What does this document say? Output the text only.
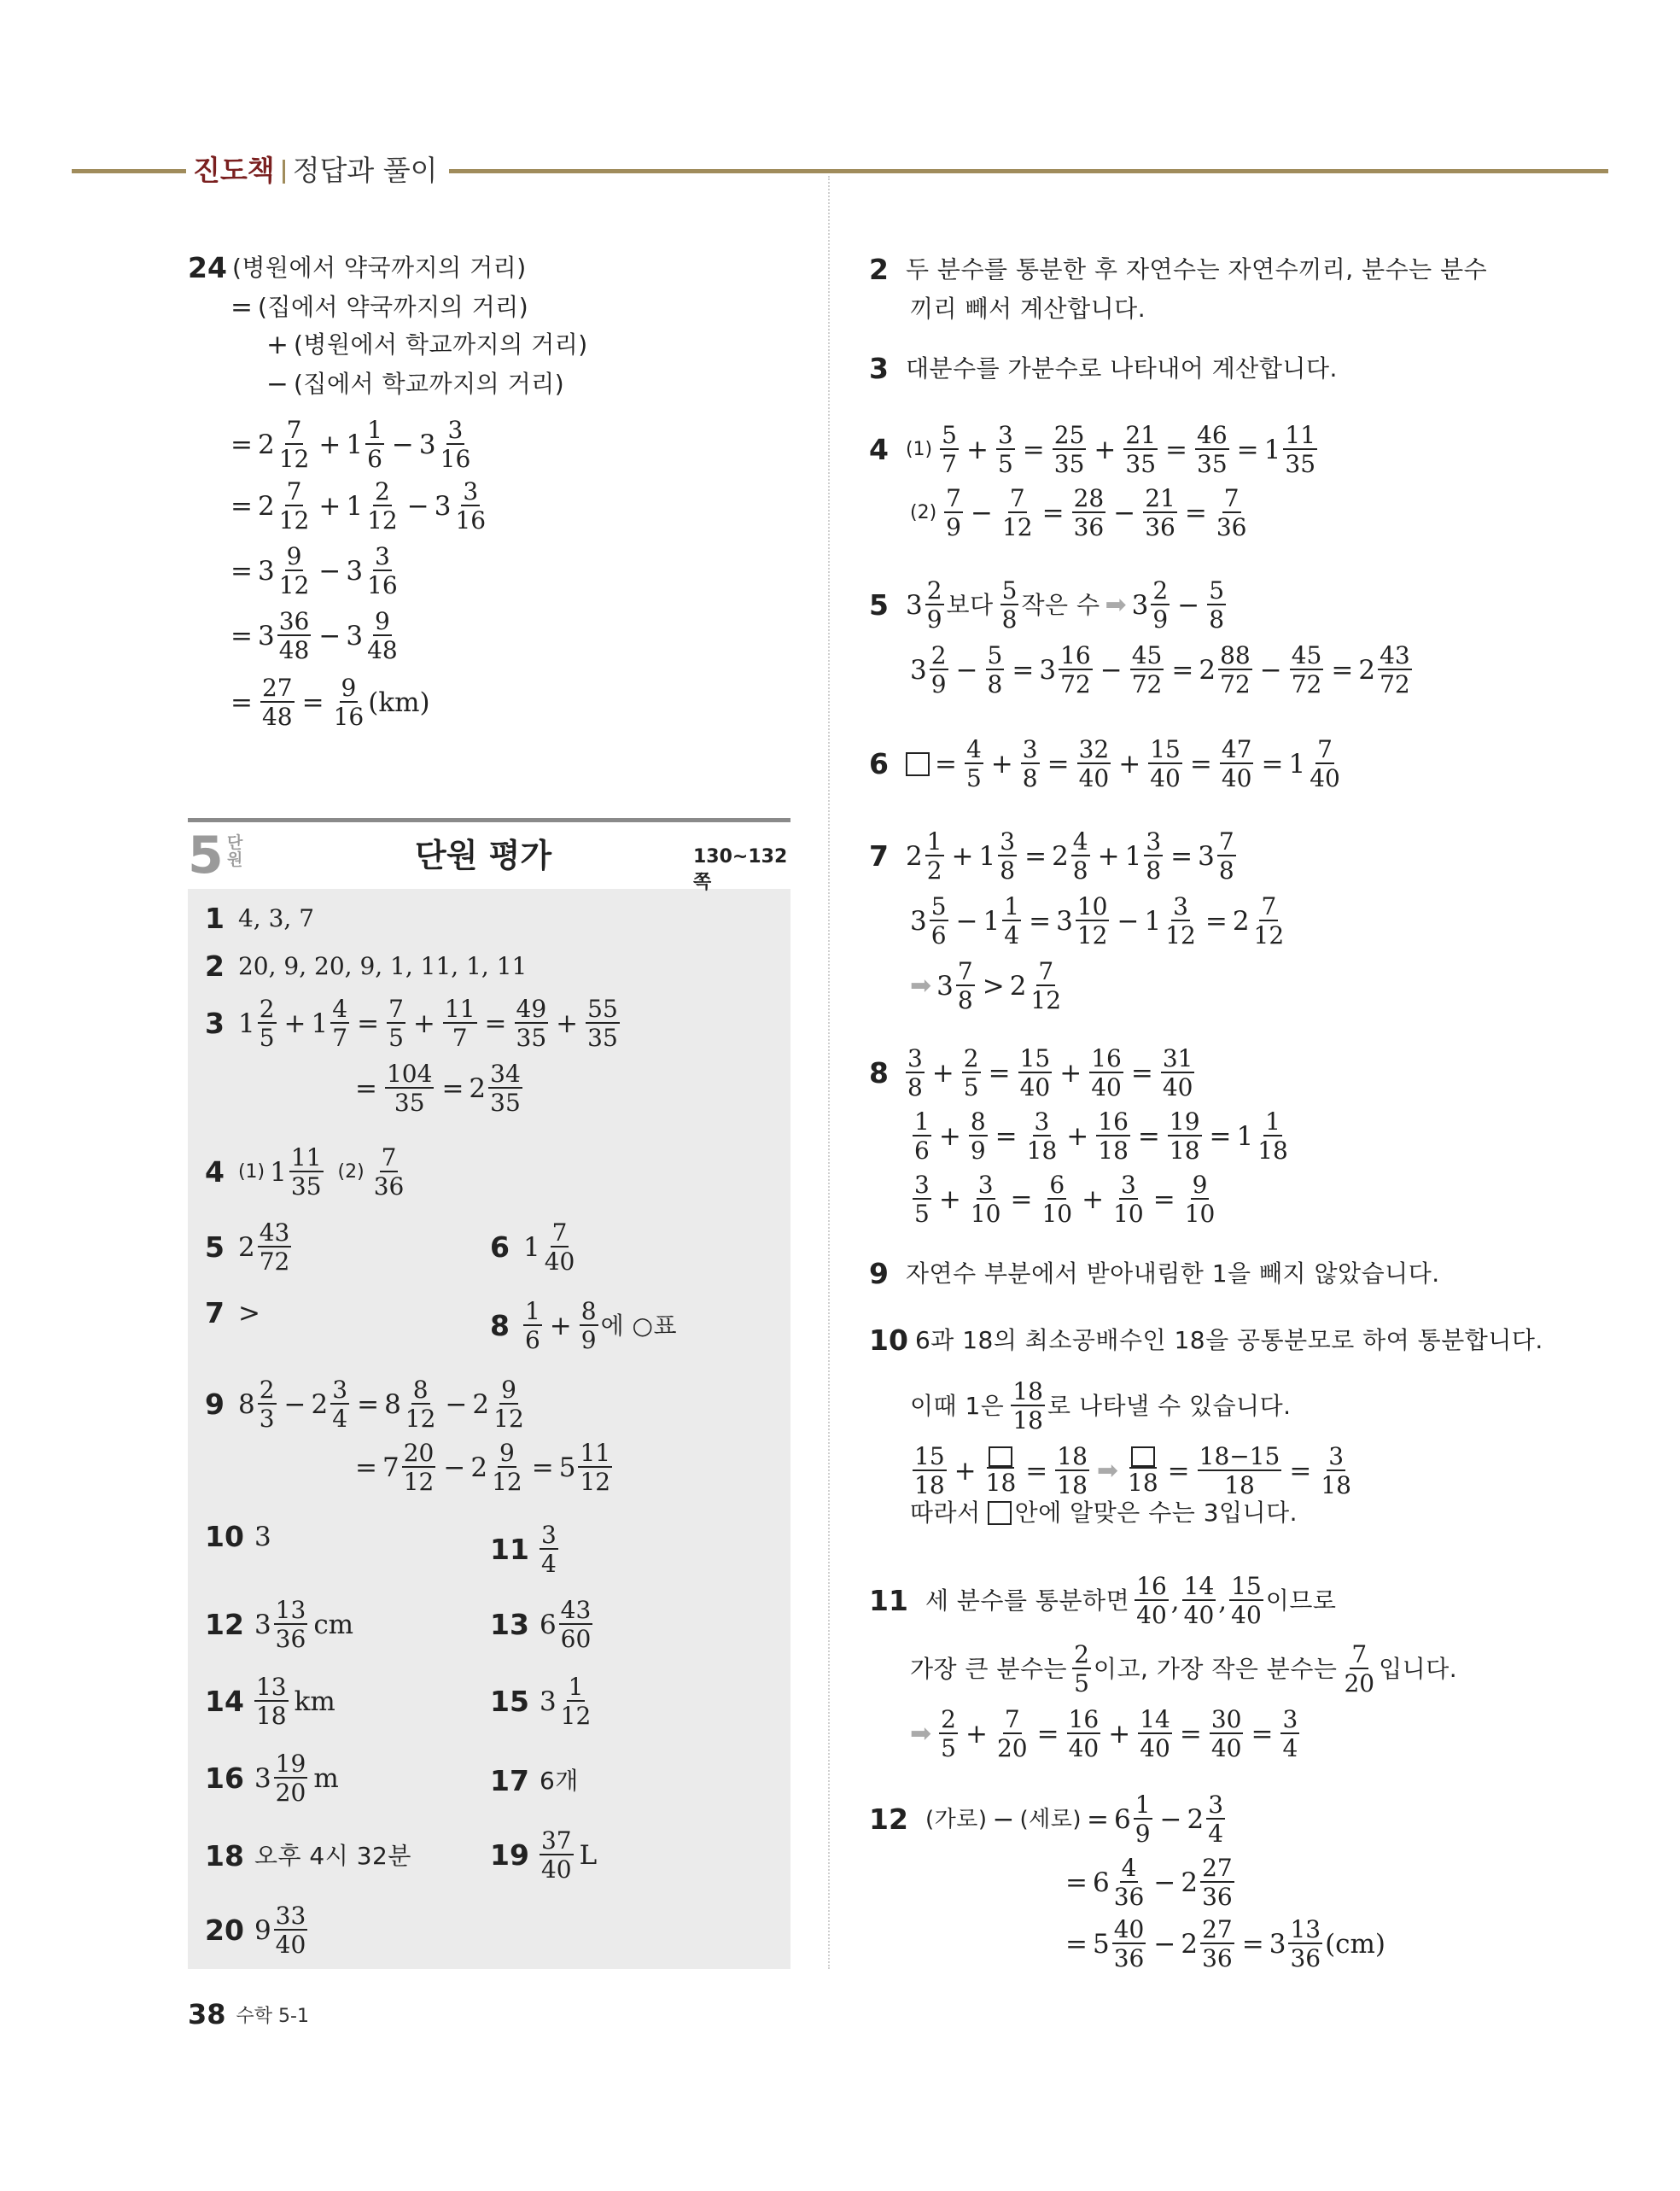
진도책 정답과 풀이
24 (병원에서 약국까지의 거리)
= (집에서 약국까지의 거리)
+ (병원에서 학교까지의 거리)
− (집에서 학교까지의 거리)
= 2 7
12 + 1 1
6 − 3 3
16
= 2 7
12 + 1 2
12 − 3 3
16
= 3 9
12 − 3 3
16
= 3 36
48 − 3 9
48
= $\frac{27}{48} = \frac{9}{16} (km)$
5 단원	단원 평가	130~132쪽
1 4, 3, 7
2 20, 9, 20, 9, 1, 11, 1, 11
3 1 2
$5 + 1 \frac{4}{7} = \frac{7}{5} + \frac{11}{7} = \frac{49}{35} + \frac{55}{35}$
= $\frac{104}{35} = 2$ 34
35
4 (1) 1 11
35
(2) 7
36
5 2 43
72	6 1 7
40
7 >	8 1
$6 + \frac{8}{9}$ 에 ○표
9 8 2
$3 - 2 \frac{3}{4} = 8$ 8
12 − 2 9
12
= 7 20
$12 - 2 \frac{9}{12} = 5$ 11
12
10 3	11 3
4
12 3 13
36 cm	13 6 43
60
14 13
18 km	15 3 1
12
16 3 19
20 m	17 6개
18 오후 4시 32분	19 37
40 L
20 9 33
40
2 두 분수를 통분한 후 자연수는 자연수끼리, 분수는 분수
끼리 빼서 계산합니다.
3 대분수를 가분수로 나타내어 계산합니다.
4 (1) 5
$7 + \frac{3}{5} = \frac{25}{35} + \frac{21}{35} = \frac{46}{35} = 1$ 11
35
(2) 7
$9 - \frac{7}{12} = \frac{28}{36} - \frac{21}{36} = \frac{7}{36}$
5 3 2
9
보다 5
8
작은 수 ➡ 3 2
$9 - \frac{5}{8}$
3 2
$9 - \frac{5}{8} = 3$ 16
$72 - \frac{45}{72} = 2$ 88
$72 - \frac{45}{72} = 2$ 43
72
$6 = \frac{4}{5} + \frac{3}{8} = \frac{32}{40} + \frac{15}{40} = \frac{47}{40} = 1$ 7
40
7 2 1
$2 + 1 \frac{3}{8} = 2$ 4
$8 + 1 \frac{3}{8} = 3$ 7
8
3 5
$6 - 1 \frac{1}{4} = 3$ 10
$12 - 1 \frac{3}{12} = 2$ 7
12
➡ 3 7
8 > 2 7
12
8 3
$8 + \frac{2}{5} = \frac{15}{40} + \frac{16}{40} = \frac{31}{40}$
1
$6 + \frac{8}{9} = \frac{3}{18} + \frac{16}{18} = \frac{19}{18} = 1$ 1
18
3
$5 + \frac{3}{10} = \frac{6}{10} + \frac{3}{10} = \frac{9}{10}$
9 자연수 부분에서 받아내림한 1을 빼지 않았습니다.
10 6과 18의 최소공배수인 18을 공통분모로 하여 통분합니다.
이때 1은 18
18
로 나타낼 수 있습니다.
15
$18 + 18 = \frac{18}{18}$ ➡ $18 = \frac{18-15}{18} = \frac{3}{18}$
따라서 안에 알맞은 수는 3입니다.
11 세 분수를 통분하면 16
40 , 14
40 , 15
40
이므로
가장 큰 분수는 2
5
이고, 가장 작은 분수는 7
20
입니다.
➡ 2
$5 + \frac{7}{20} = \frac{16}{40} + \frac{14}{40} = \frac{30}{40} = \frac{3}{4}$
12 (가로) − (세로) = 6 1
9 − 2 3
4
= 6 4
36 − 2 27
36
= 5 40
$36 - 2 \frac{27}{36} = 3$ 13
36 (cm)
38 수학 5-1
